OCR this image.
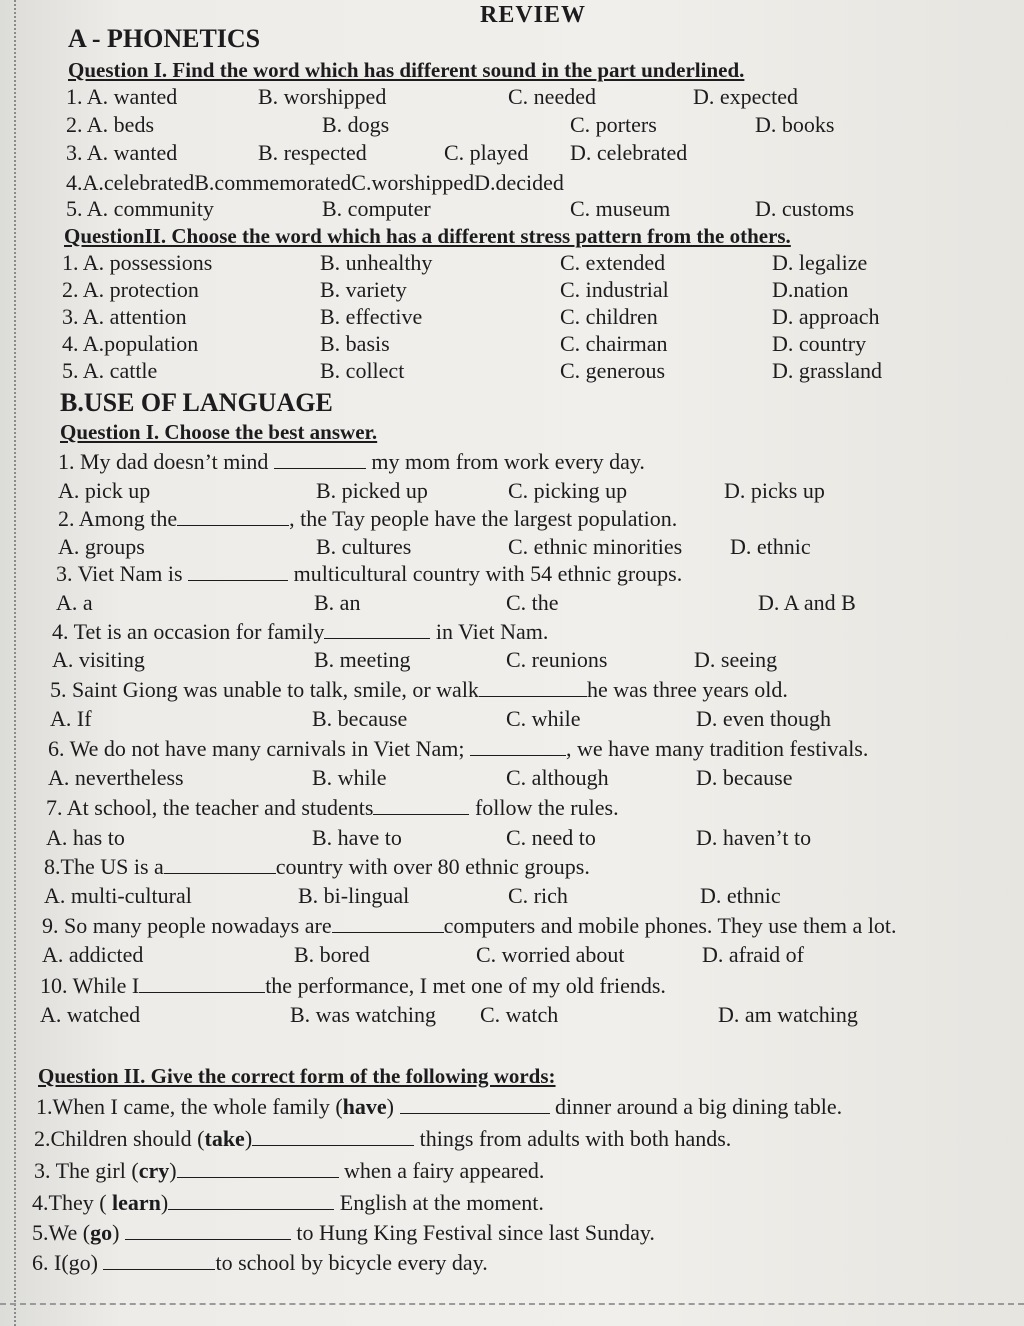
REVIEW
A - PHONETICS
Question I. Find the word which has different sound in the part underlined.
1. A. wanted	B. worshipped	C. needed	D. expected
2. A. beds	B. dogs	C. porters	D. books
3. A. wanted	B. respected	C. played D. celebrated
4.A.celebratedB.commemoratedC.worshippedD.decided
5. A. community	B. computer	C. museum	D. customs
QuestionII. Choose the word which has a different stress pattern from the others.
1. A. possessions	B. unhealthy	C. extended	D. legalize
2. A. protection	B. variety	C. industrial	D.nation
3. A. attention	B. effective	C. children	D. approach
4. A.population	B. basis	C. chairman	D. country
5. A. cattle	B. collect	C. generous	D. grassland
B.USE OF LANGUAGE
Question I. Choose the best answer.
1. My dad doesn’t mind	my mom from work every day.
A. pick up	B. picked up	C. picking up	D. picks up
2. Among the	, the Tay people have the largest population.
A. groups	B. cultures	C. ethnic minorities D. ethnic
3. Viet Nam is	multicultural country with 54 ethnic groups.
A. a	B. an	C. the	D. A and B
4. Tet is an occasion for family	in Viet Nam.
A. visiting	B. meeting	C. reunions	D. seeing
5. Saint Giong was unable to talk, smile, or walk	he was three years old.
A. If	B. because	C. while	D. even though
6. We do not have many carnivals in Viet Nam;	, we have many tradition festivals.
A. nevertheless	B. while	C. although	D. because
7. At school, the teacher and students	follow the rules.
A. has to	B. have to	C. need to	D. haven’t to
8.The US is a	country with over 80 ethnic groups.
A. multi-cultural	B. bi-lingual	C. rich	D. ethnic
9. So many people nowadays are	computers and mobile phones. They use them a lot.
A. addicted	B. bored	C. worried about	D. afraid of
10. While I	the performance, I met one of my old friends.
A. watched	B. was watching C. watch	D. am watching
Question II. Give the correct form of the following words:
1.When I came, the whole family (have)	dinner around a big dining table.
2.Children should (take)	things from adults with both hands.
3. The girl (cry)	when a fairy appeared.
4.They ( learn)	English at the moment.
5.We (go)	to Hung King Festival since last Sunday.
6. I(go)	to school by bicycle every day.
